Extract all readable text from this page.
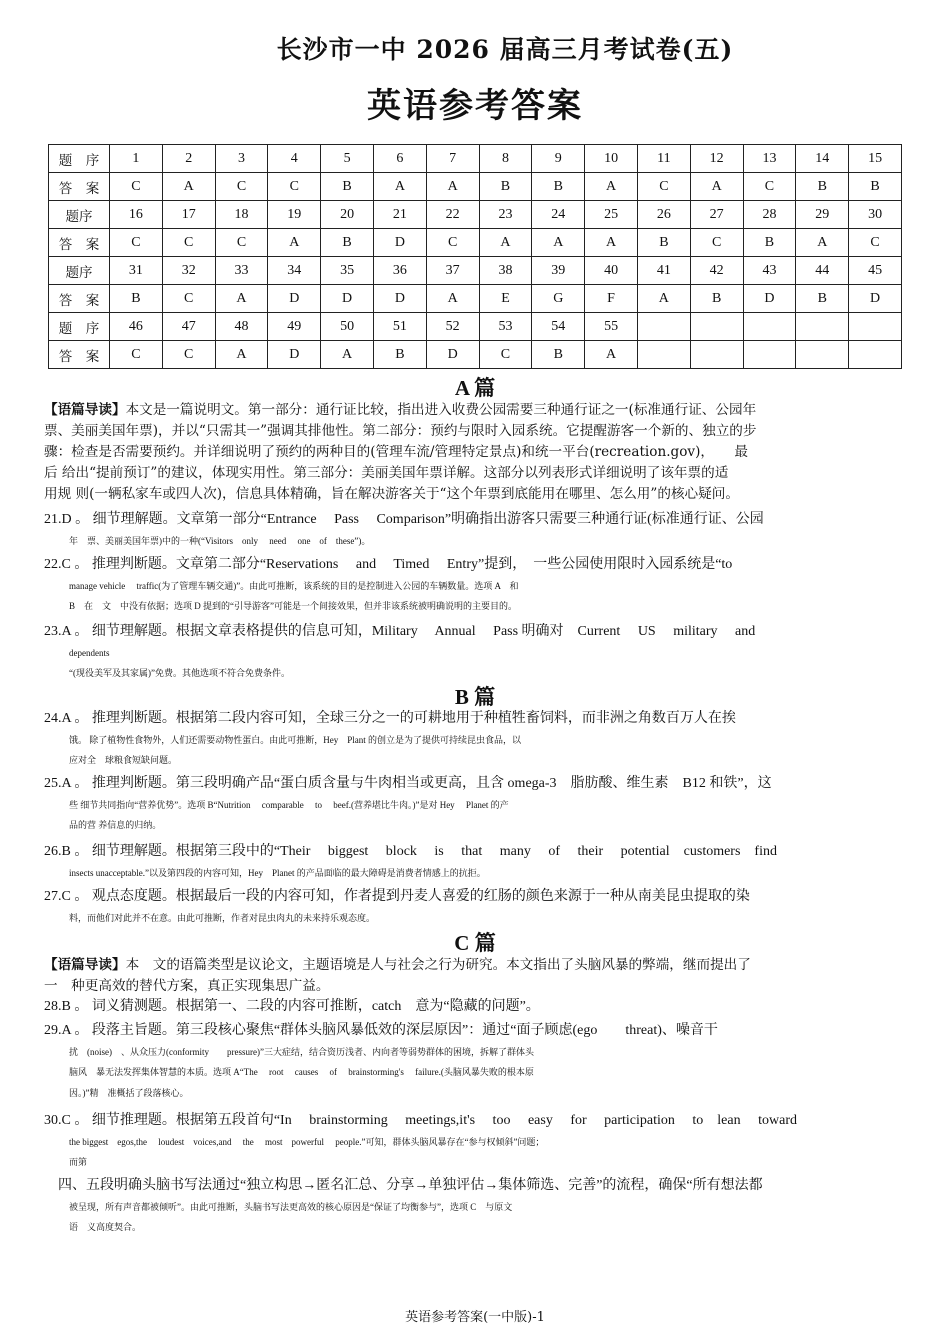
长沙市一中 2026 届高三月考试卷(五)
英语参考答案
题　序	1	2	3	4	5	6	7	8	9	10	11	12	13	14	15
答　案	C	A	C	C	B	A	A	B	B	A	C	A	C	B	B
题序	16	17	18	19	20	21	22	23	24	25	26	27	28	29	30
答　案	C	C	C	A	B	D	C	A	A	A	B	C	B	A	C
题序	31	32	33	34	35	36	37	38	39	40	41	42	43	44	45
答　案	B	C	A	D	D	D	A	E	G	F	A	B	D	B	D
题　序	46	47	48	49	50	51	52	53	54	55					
答　案	C	C	A	D	A	B	D	C	B	A					
A 篇
【语篇导读】本文是一篇说明文。第一部分：通行证比较，指出进入收费公园需要三种通行证之一(标准通行证、公园年
票、美丽美国年票)，并以“只需其一”强调其排他性。第二部分：预约与限时入园系统。它提醒游客一个新的、独立的步
骤：检查是否需要预约。并详细说明了预约的两种目的(管理车流/管理特定景点)和统一平台(recreation.gov)，　　最
后 给出“提前预订”的建议，体现实用性。第三部分：美丽美国年票详解。这部分以列表形式详细说明了该年票的适
用规 则(一辆私家车或四人次)，信息具体精确，旨在解决游客关于“这个年票到底能用在哪里、怎么用”的核心疑问。
21.D 。 细节理解题。文章第一部分“Entrance　 Pass　 Comparison”明确指出游客只需要三种通行证(标准通行证、公园
年　票、美丽美国年票)中的一种(“Visitors　only　 need　 one　of　these”)。
22.C 。 推理判断题。文章第二部分“Reservations　 and　 Timed　 Entry”提到，　一些公园使用限时入园系统是“to
manage vehicle　 traffic(为了管理车辆交通)”。由此可推断，该系统的目的是控制进入公园的车辆数量。选项 A　和
B　在　文　中没有依据；选项 D 提到的“引导游客”可能是一个间接效果，但并非该系统被明确说明的主要目的。
23.A 。 细节理解题。根据文章表格提供的信息可知，Military　 Annual　 Pass 明确对　Current　 US　 military　 and
dependents
“(现役美军及其家属)”免费。其他选项不符合免费条件。
B 篇
24.A 。 推理判断题。根据第二段内容可知，全球三分之一的可耕地用于种植牲畜饲料，而非洲之角数百万人在挨
饿。 除了植物性食物外，人们还需要动物性蛋白。由此可推断，Hey　Plant 的创立是为了提供可持续昆虫食品，以
应对全　球粮食短缺问题。
25.A 。 推理判断题。第三段明确产品“蛋白质含量与牛肉相当或更高，且含 omega-3　脂肪酸、维生素　B12 和铁”，这
些 细节共同指向“营养优势”。选项 B“Nutrition　 comparable　 to　 beef.(营养堪比牛肉。)”是对 Hey　 Planet 的产
品的营 养信息的归纳。
26.B 。 细节理解题。根据第三段中的“Their　 biggest　 block　 is　 that　 many　 of　 their　 potential　customers　find
insects unacceptable.”以及第四段的内容可知，Hey　Planet 的产品面临的最大障碍是消费者情感上的抗拒。
27.C 。 观点态度题。根据最后一段的内容可知，作者提到丹麦人喜爱的红肠的颜色来源于一种从南美昆虫提取的染
料，而他们对此并不在意。由此可推断，作者对昆虫肉丸的未来持乐观态度。
C 篇
【语篇导读】本　文的语篇类型是议论文，主题语境是人与社会之行为研究。本文指出了头脑风暴的弊端，继而提出了
一　种更高效的替代方案，真正实现集思广益。
28.B 。 词义猜测题。根据第一、二段的内容可推断，catch　意为“隐藏的问题”。
29.A 。 段落主旨题。第三段核心聚焦“群体头脑风暴低效的深层原因”：通过“面子顾虑(ego　　threat)、噪音干
扰　(noise)　、从众压力(conformity　　pressure)”三大症结，结合资历浅者、内向者等弱势群体的困境，拆解了群体头
脑风　暴无法发挥集体智慧的本质。选项 A“The　 root　 causes　 of　 brainstorming's　 failure.(头脑风暴失败的根本原
因。)”精　准概括了段落核心。
30.C 。 细节推理题。根据第五段首句“In　 brainstorming　 meetings,it's　 too　 easy　 for　 participation　 to　lean　 toward
the biggest　egos,the　 loudest　voices,and　 the　 most　powerful　 people.”可知，群体头脑风暴存在“参与权倾斜”问题；
而第
　四、五段明确头脑书写法通过“独立构思→匿名汇总、分享→单独评估→集体筛选、完善”的流程，确保“所有想法都
被呈现，所有声音都被倾听”。由此可推断，头脑书写法更高效的核心原因是“保证了均衡参与”，选项 C　与原文
语　义高度契合。
英语参考答案(一中版)-1
